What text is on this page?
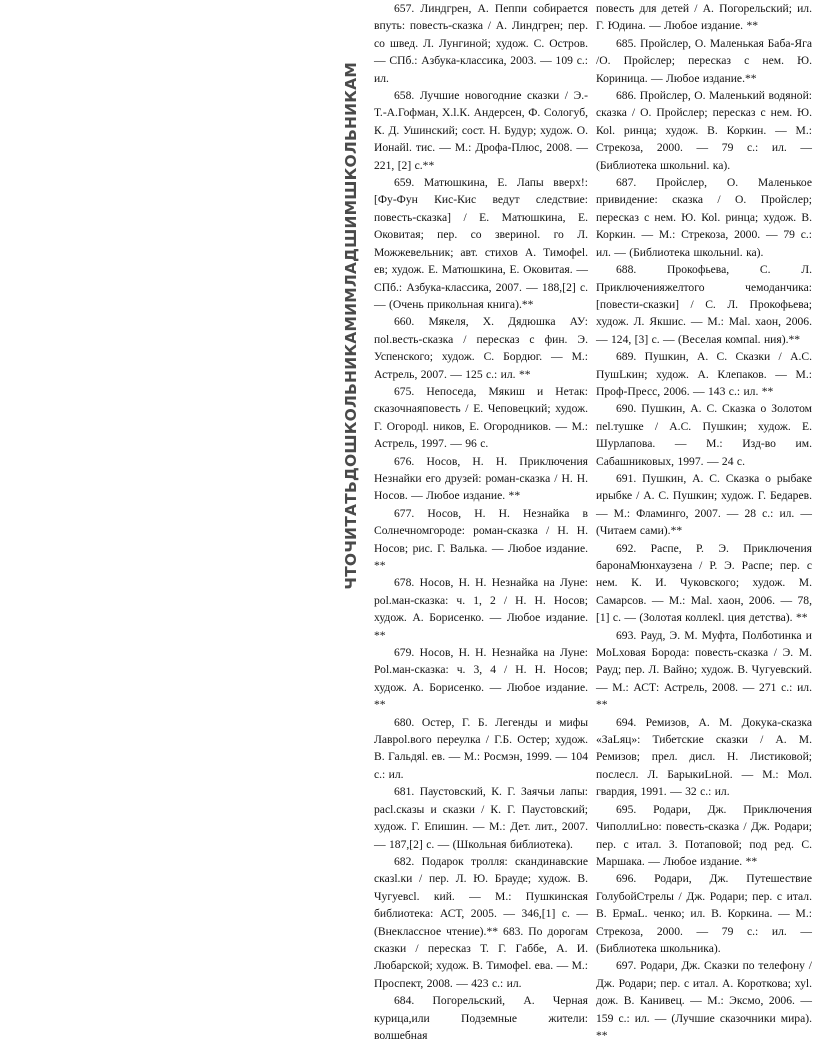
ЧТОЧИТАТЬДОШКОЛЬНИКАМИМЛАДШИМШКОЛЬНИКАМ

657. Линдгрен, А. Пеппи собирается впуть: повесть-сказка / А. Линдгрен; пер. со швед. Л. Лунгиной; худож. С. Остров. — СПб.: Азбука-классика, 2003. — 109 с.: ил.

658. Лучшие новогодние сказки / Э.-Т.-А.Гофман, Х.l.К. Андерсен, Ф. Сологуб, К. Д. Ушинский; сост. Н. Будур; худож. О. Ионайl. тис. — М.: Дрофа-Плюс, 2008. — 221, [2] с.**

659. Матюшкина, Е. Лапы вверх!: [Фу-Фун Кис-Кис ведут следствие: повесть-сказка] / Е. Матюшкина, Е. Оковитая; пер. со звериноl. го Л. Можжевельник; авт. стихов А. Тимофеl. ев; худож. Е. Матюшкина, Е. Оковитая. — СПб.: Азбука-классика, 2007. — 188,[2] с. — (Очень прикольная книга).**

660. Мякеля, Х. Дядюшка АУ: поl.весть-сказка / пересказ с фин. Э. Успенского; худож. С. Бордюг. — М.: Астрель, 2007. — 125 с.: ил. **

675. Непоседа, Мякиш и Нетак: сказочнаяповесть / Е. Чеповецкий; худож. Г. Огородl. ников, Е. Огородников. — М.: Астрель, 1997. — 96 с.

676. Носов, Н. Н. Приключения Незнайки его друзей: роман-сказка / Н. Н. Носов. — Любое издание. **

677. Носов, Н. Н. Незнайка в Солнечномгороде: роман-сказка / Н. Н. Носов; рис. Г. Валька. — Любое издание. **

678. Носов, Н. Н. Незнайка на Луне: роl.ман-сказка: ч. 1, 2 / Н. Н. Носов; худож. А. Борисенко. — Любое издание. **

679. Носов, Н. Н. Незнайка на Луне: Роl.ман-сказка: ч. 3, 4 / Н. Н. Носов; худож. А. Борисенко. — Любое издание. **

680. Остер, Г. Б. Легенды и мифы Лавроl.вого переулка / Г.Б. Остер; худож. В. Гальдяl. ев. — М.: Росмэн, 1999. — 104 с.: ил.

681. Паустовский, К. Г. Заячьи лапы: расl.сказы и сказки / К. Г. Паустовский; худож. Г. Епишин. — М.: Дет. лит., 2007. — 187,[2] с. — (Школьная библиотека).

682. Подарок тролля: скандинавские сказl.ки / пер. Л. Ю. Брауде; худож. В. Чугуевсl. кий. — М.: Пушкинская библиотека: АСТ, 2005. — 346,[1] с. — (Внеклассное чтение).** 683. По дорогам сказки / пересказ Т. Г. Габбе, А. И. Любарской; худож. В. Тимофеl. ева. — М.: Проспект, 2008. — 423 с.: ил.

684. Погорельский, А. Черная курица,или Подземные жители: волшебная

повесть для детей / А. Погорельский; ил. Г. Юдина. — Любое издание. **

685. Пройслер, О. Маленькая Баба-Яга /О. Пройслер; пересказ с нем. Ю. Кориница. — Любое издание.**

686. Пройслер, О. Маленький водяной: сказка / О. Пройслер; пересказ с нем. Ю. Коl. ринца; худож. В. Коркин. — М.: Стрекоза, 2000. — 79 с.: ил. — (Библиотека школьниl. ка).

687. Пройслер, О. Маленькое привидение: сказка / О. Пройслер; пересказ с нем. Ю. Коl. ринца; худож. В. Коркин. — М.: Стрекоза, 2000. — 79 с.: ил. — (Библиотека школьниl. ка).

688. Прокофьева, С. Л. Приключенияжелтого чемоданчика: [повести-сказки] / С. Л. Прокофьева; худож. Л. Якшис. — М.: Маl. хаон, 2006. — 124, [3] с. — (Веселая компаl. ния).**

689. Пушкин, А. С. Сказки / А.С. ПушLкин; худож. А. Клепаков. — М.: Проф-Пресс, 2006. — 143 с.: ил. **

690. Пушкин, А. С. Сказка о Золотом пеl.тушке / А.С. Пушкин; худож. Е. Шурлапова. — М.: Изд-во им. Сабашниковых, 1997. — 24 с.

691. Пушкин, А. С. Сказка о рыбаке ирыбке / А. С. Пушкин; худож. Г. Бедарев. — М.: Фламинго, 2007. — 28 с.: ил. — (Читаем сами).**

692. Распе, Р. Э. Приключения баронаМюнхаузена / Р. Э. Распе; пер. с нем. К. И. Чуковского; худож. М. Самарсов. — М.: Маl. хаон, 2006. — 78, [1] с. — (Золотая коллекl. ция детства). **

693. Рауд, Э. М. Муфта, Полботинка и МоLховая Борода: повесть-сказка / Э. М. Рауд; пер. Л. Вайно; худож. В. Чугуевский. — М.: АСТ: Астрель, 2008. — 271 с.: ил. **

694. Ремизов, А. М. Докука-сказка «ЗаLяц»: Тибетские сказки / А. М. Ремизов; прел. дисл. Н. Листиковой; послесл. Л. БарыкиLной. — М.: Мол. гвардия, 1991. — 32 с.: ил.

695. Родари, Дж. Приключения ЧиполлиLно: повесть-сказка / Дж. Родари; пер. с итал. З. Потаповой; под ред. С. Маршака. — Любое издание. **

696. Родари, Дж. Путешествие ГолубойСтрелы / Дж. Родари; пер. с итал. В. ЕрмаL. ченко; ил. В. Коркина. — М.: Стрекоза, 2000. — 79 с.: ил. — (Библиотека школьника).

697. Родари, Дж. Сказки по телефону /Дж. Родари; пер. с итал. А. Короткова; хуl. дож. В. Канивец. — М.: Эксмо, 2006. — 159 с.: ил. — (Лучшие сказочники мира). **
